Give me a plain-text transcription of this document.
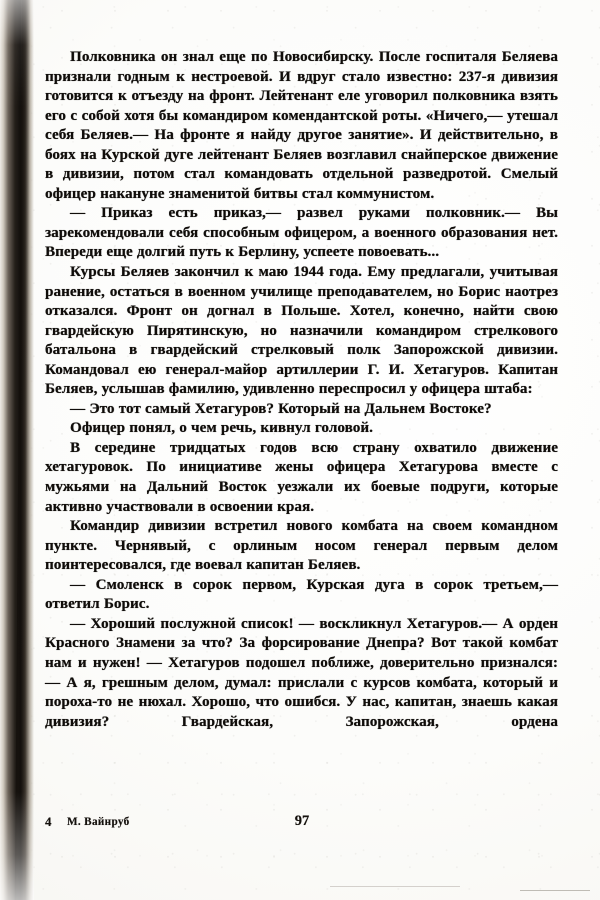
Полковника он знал еще по Новосибирску. После госпиталя Беляева признали годным к нестроевой. И вдруг стало известно: 237-я дивизия готовится к отъезду на фронт. Лейтенант еле уговорил полковника взять его с собой хотя бы командиром комендантской роты. «Ничего,— утешал себя Беляев.— На фронте я найду другое занятие». И действительно, в боях на Курской дуге лейтенант Беляев возглавил снайперское движение в дивизии, потом стал командовать отдельной разведротой. Смелый офицер накануне знаменитой битвы стал коммунистом.

— Приказ есть приказ,— развел руками полковник.— Вы зарекомендовали себя способным офицером, а военного образования нет. Впереди еще долгий путь к Берлину, успеете повоевать...

Курсы Беляев закончил к маю 1944 года. Ему предлагали, учитывая ранение, остаться в военном училище преподавателем, но Борис наотрез отказался. Фронт он догнал в Польше. Хотел, конечно, найти свою гвардейскую Пирятинскую, но назначили командиром стрелкового батальона в гвардейский стрелковый полк Запорожской дивизии. Командовал ею генерал-майор артиллерии Г. И. Хетагуров. Капитан Беляев, услышав фамилию, удивленно переспросил у офицера штаба:

— Это тот самый Хетагуров? Который на Дальнем Востоке?

Офицер понял, о чем речь, кивнул головой.

В середине тридцатых годов всю страну охватило движение хетагуровок. По инициативе жены офицера Хетагурова вместе с мужьями на Дальний Восток уезжали их боевые подруги, которые активно участвовали в освоении края.

Командир дивизии встретил нового комбата на своем командном пункте. Чернявый, с орлиным носом генерал первым делом поинтересовался, где воевал капитан Беляев.

— Смоленск в сорок первом, Курская дуга в сорок третьем,— ответил Борис.

— Хороший послужной список! — воскликнул Хетагуров.— А орден Красного Знамени за что? За форсирование Днепра? Вот такой комбат нам и нужен! — Хетагуров подошел поближе, доверительно признался: — А я, грешным делом, думал: прислали с курсов комбата, который и пороха-то не нюхал. Хорошо, что ошибся. У нас, капитан, знаешь какая дивизия? Гвардейская, Запорожская, ордена

4 М. Вайнруб	97
